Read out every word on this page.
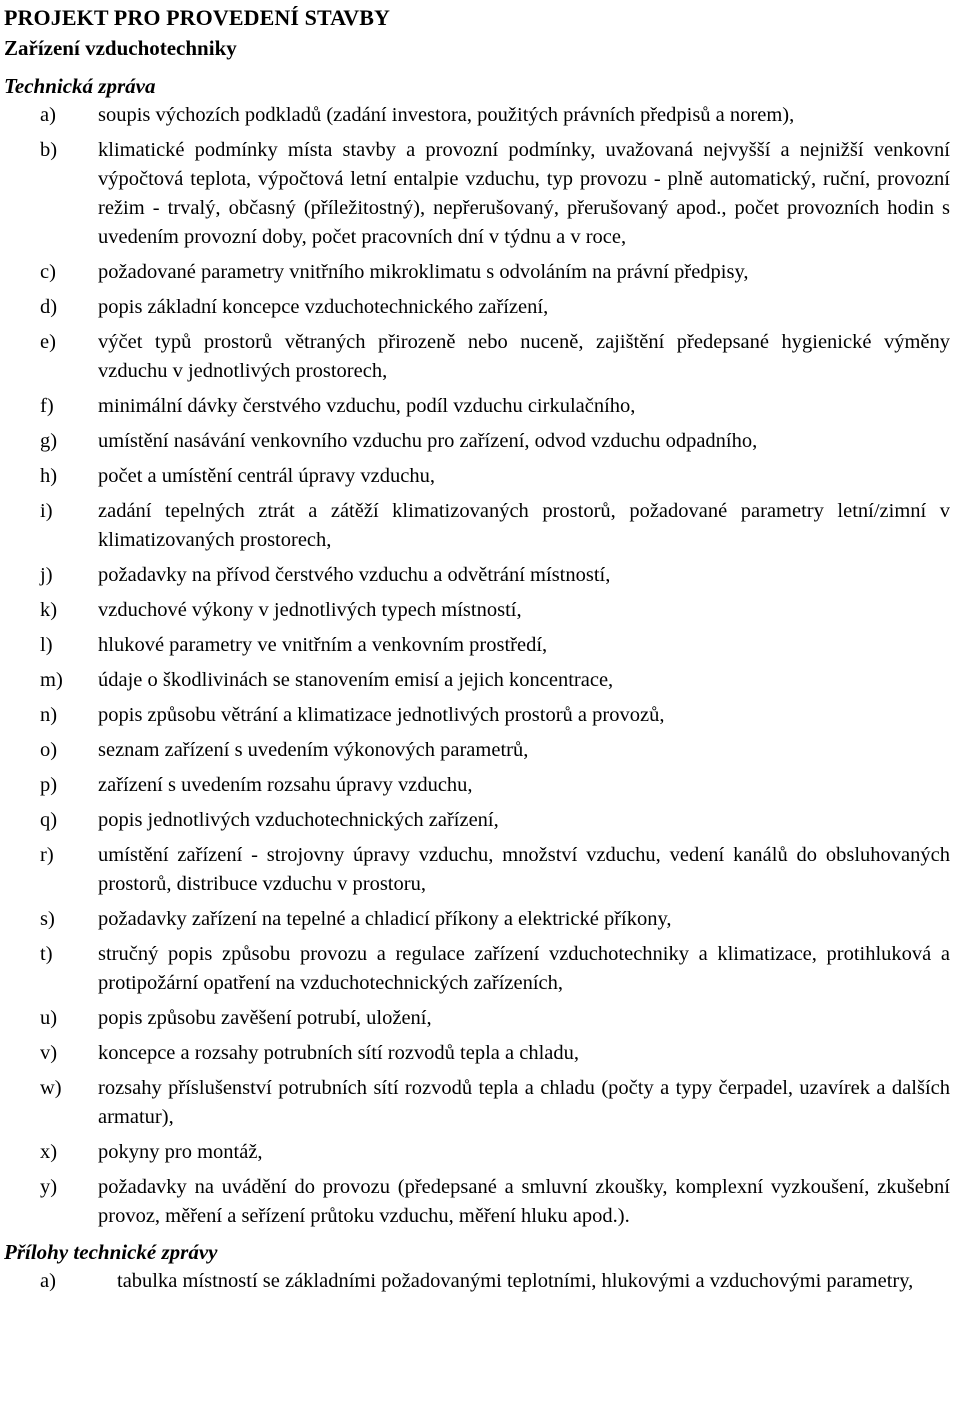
PROJEKT PRO PROVEDENÍ STAVBY
Zařízení vzduchotechniky
Technická zpráva
a)	soupis výchozích podkladů (zadání investora, použitých právních předpisů a norem),
b)	klimatické podmínky místa stavby a provozní podmínky, uvažovaná nejvyšší a nejnižší venkovní výpočtová teplota, výpočtová letní entalpie vzduchu, typ provozu - plně automatický, ruční, provozní režim - trvalý, občasný (příležitostný), nepřerušovaný, přerušovaný apod., počet provozních hodin s uvedením provozní doby, počet pracovních dní v týdnu a v roce,
c)	požadované parametry vnitřního mikroklimatu s odvoláním na právní předpisy,
d)	popis základní koncepce vzduchotechnického zařízení,
e)	výčet typů prostorů větraných přirozeně nebo nuceně, zajištění předepsané hygienické výměny vzduchu v jednotlivých prostorech,
f)	minimální dávky čerstvého vzduchu, podíl vzduchu cirkulačního,
g)	umístění nasávání venkovního vzduchu pro zařízení, odvod vzduchu odpadního,
h)	počet a umístění centrál úpravy vzduchu,
i)	zadání tepelných ztrát a zátěží klimatizovaných prostorů, požadované parametry letní/zimní v klimatizovaných prostorech,
j)	požadavky na přívod čerstvého vzduchu a odvětrání místností,
k)	vzduchové výkony v jednotlivých typech místností,
l)	hlukové parametry ve vnitřním a venkovním prostředí,
m)	údaje o škodlivinách se stanovením emisí a jejich koncentrace,
n)	popis způsobu větrání a klimatizace jednotlivých prostorů a provozů,
o)	seznam zařízení s uvedením výkonových parametrů,
p)	zařízení s uvedením rozsahu úpravy vzduchu,
q)	popis jednotlivých vzduchotechnických zařízení,
r)	umístění zařízení - strojovny úpravy vzduchu, množství vzduchu, vedení kanálů do obsluhovaných prostorů, distribuce vzduchu v prostoru,
s)	požadavky zařízení na tepelné a chladicí příkony a elektrické příkony,
t)	stručný popis způsobu provozu a regulace zařízení vzduchotechniky a klimatizace, protihluková a protipožární opatření na vzduchotechnických zařízeních,
u)	popis způsobu zavěšení potrubí, uložení,
v)	koncepce a rozsahy potrubních sítí rozvodů tepla a chladu,
w)	rozsahy příslušenství potrubních sítí rozvodů tepla a chladu (počty a typy čerpadel, uzavírek a dalších armatur),
x)	pokyny pro montáž,
y)	požadavky na uvádění do provozu (předepsané a smluvní zkoušky, komplexní vyzkoušení, zkušební provoz, měření a seřízení průtoku vzduchu, měření hluku apod.).
Přílohy technické zprávy
a)	tabulka místností se základními požadovanými teplotními, hlukovými a vzduchovými parametry,
